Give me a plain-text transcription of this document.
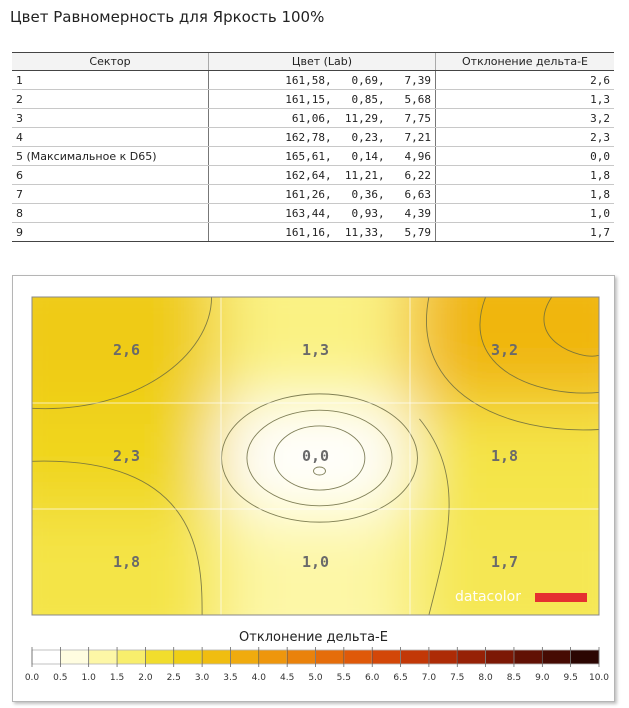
Цвет Равномерность для Яркость 100%
Сектор	Цвет (Lab)	Отклонение дельта-E
1	161,58,   0,69,   7,39	2,6
2	161,15,   0,85,   5,68	1,3
3	61,06,  11,29,   7,75	3,2
4	162,78,   0,23,   7,21	2,3
5 (Максимальное к D65)	165,61,   0,14,   4,96	0,0
6	162,64,  11,21,   6,22	1,8
7	161,26,   0,36,   6,63	1,8
8	163,44,   0,93,   4,39	1,0
9	161,16,  11,33,   5,79	1,7
2,6	1,3	3,2
2,3	0,0	1,8
1,8	1,0	1,7
datacolor
0.0 0.5 1.0 1.5 2.0 2.5 3.0 3.5 4.0 4.5 5.0 5.5 6.0 6.5 7.0 7.5 8.0 8.5 9.0 9.5 10.0
Отклонение дельта-E
